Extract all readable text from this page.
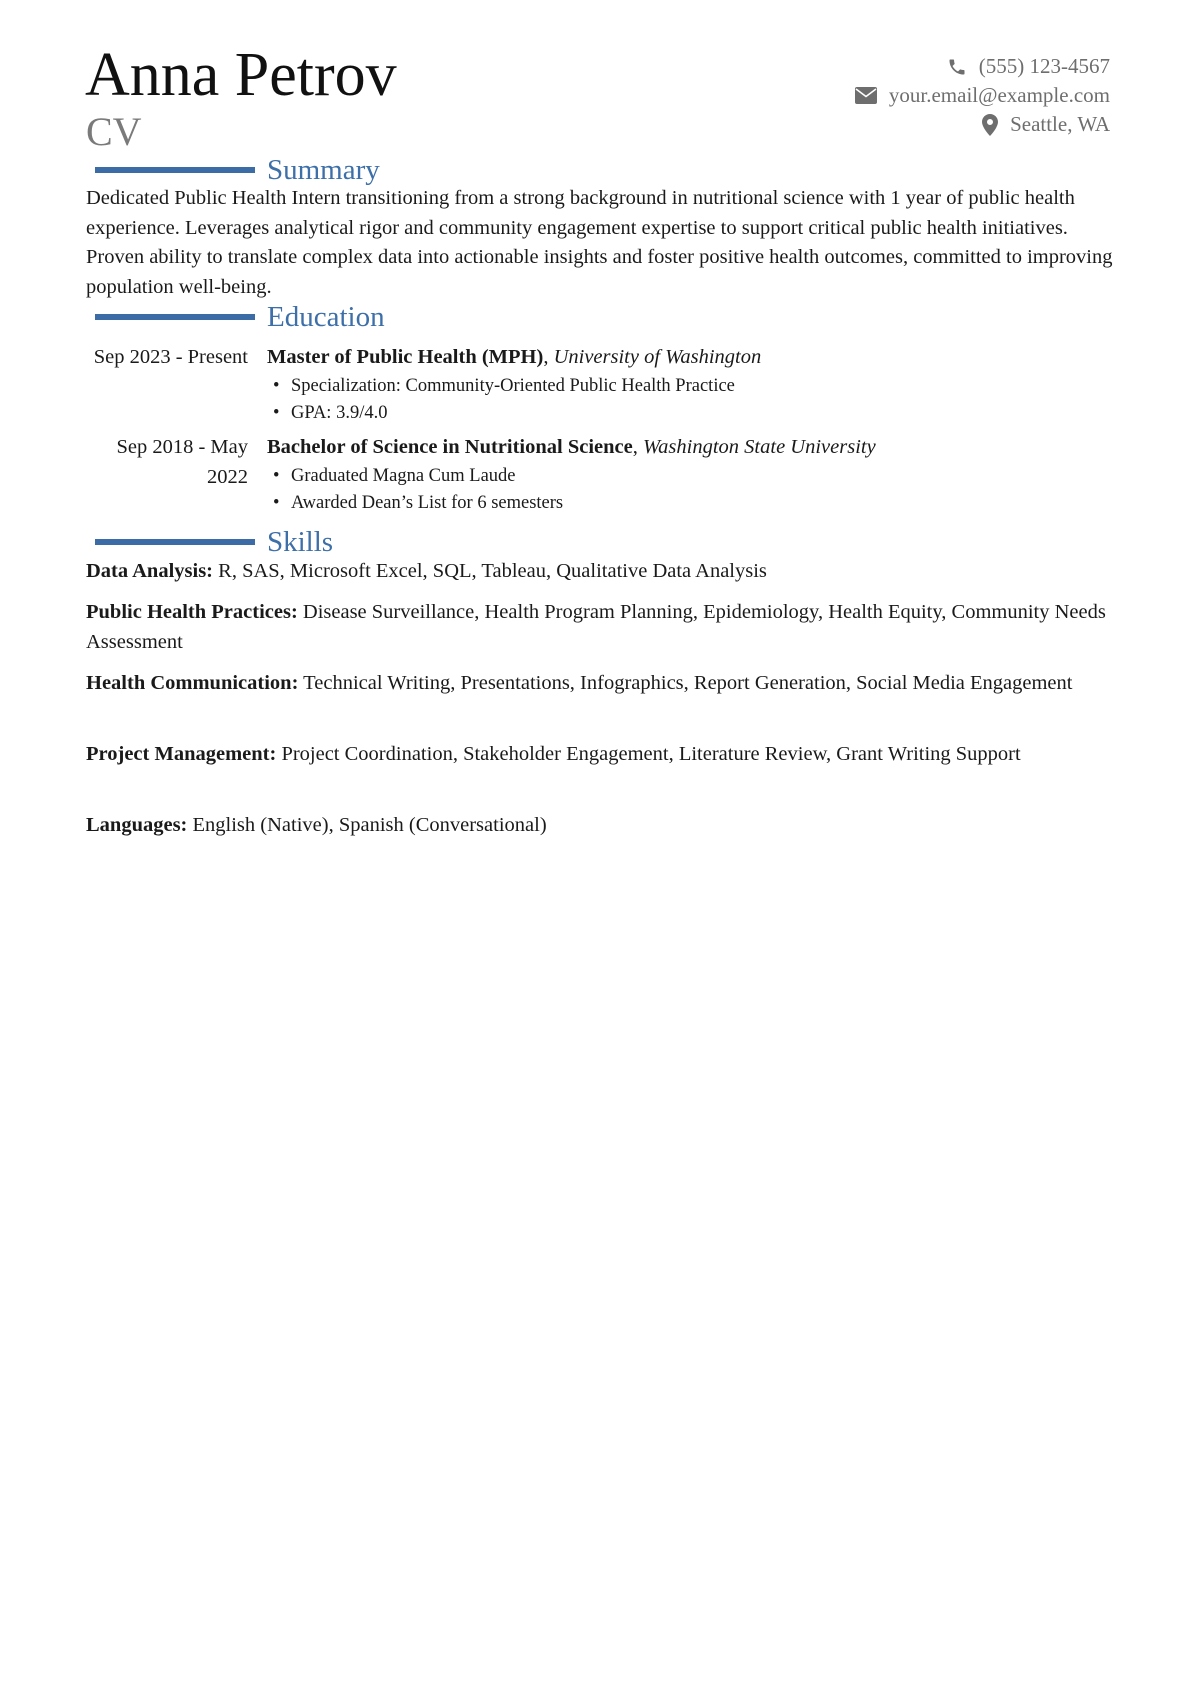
Anna Petrov
CV
(555) 123-4567
your.email@example.com
Seattle, WA
Summary
Dedicated Public Health Intern transitioning from a strong background in nutritional science with 1 year of public health experience. Leverages analytical rigor and community engagement expertise to support critical public health initiatives. Proven ability to translate complex data into actionable insights and foster positive health outcomes, committed to improving population well-being.
Education
Sep 2023 - Present Master of Public Health (MPH), University of Washington
• Specialization: Community-Oriented Public Health Practice
• GPA: 3.9/4.0
Sep 2018 - May 2022
Bachelor of Science in Nutritional Science, Washington State University
• Graduated Magna Cum Laude
• Awarded Dean’s List for 6 semesters
Skills
Data Analysis: R, SAS, Microsoft Excel, SQL, Tableau, Qualitative Data Analysis
Public Health Practices: Disease Surveillance, Health Program Planning, Epidemiology, Health Equity, Community Needs Assessment
Health Communication: Technical Writing, Presentations, Infographics, Report Generation, Social Media Engagement
Project Management: Project Coordination, Stakeholder Engagement, Literature Review, Grant Writing Support
Languages: English (Native), Spanish (Conversational)
